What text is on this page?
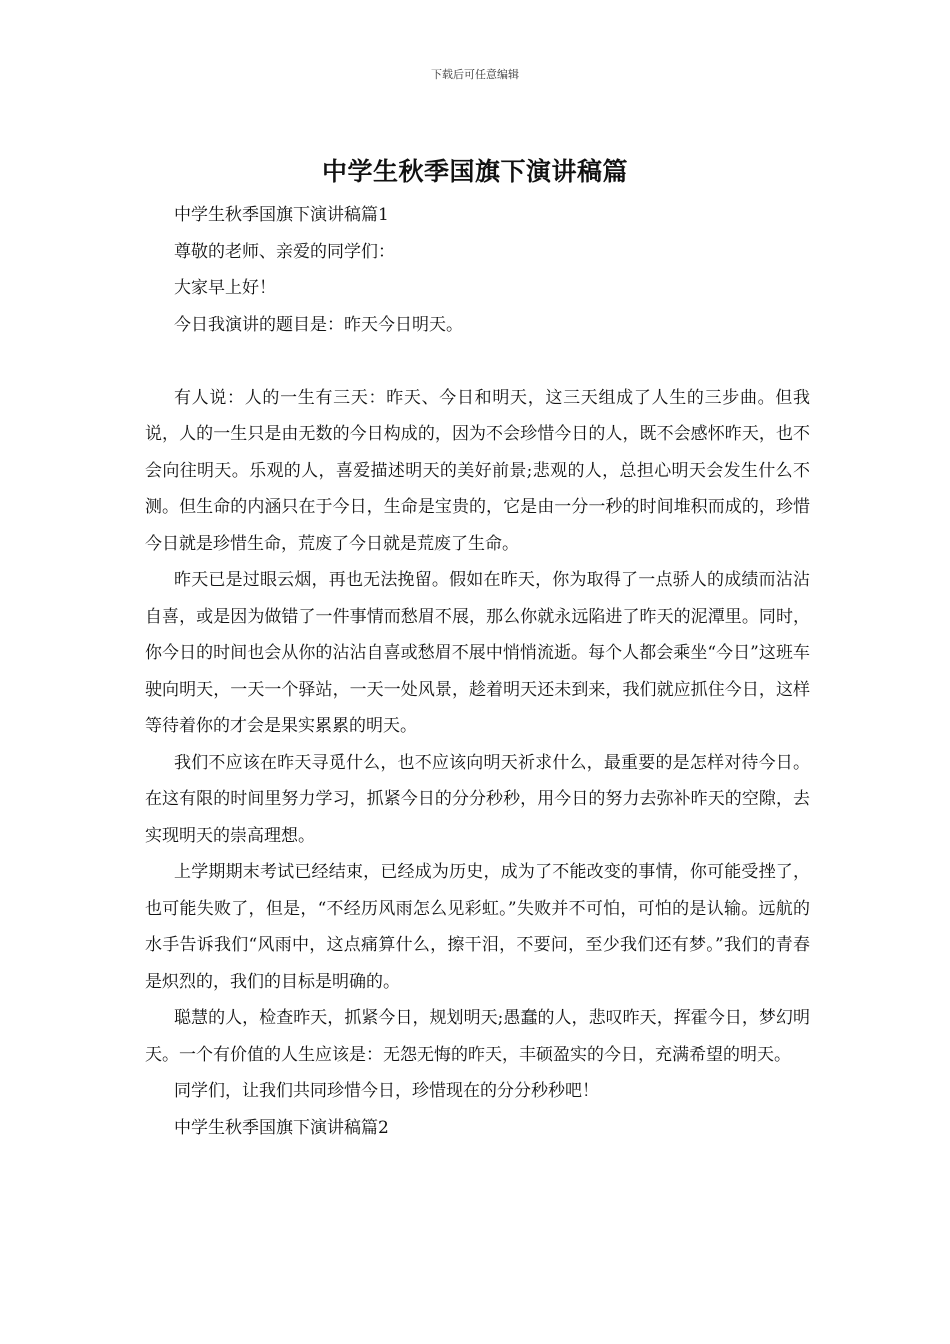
下载后可任意编辑
中学生秋季国旗下演讲稿篇

中学生秋季国旗下演讲稿篇1

尊敬的老师、亲爱的同学们：

大家早上好！

今日我演讲的题目是：昨天今日明天。

有人说：人的一生有三天：昨天、今日和明天，这三天组成了人生的三步曲。但我说，人的一生只是由无数的今日构成的，因为不会珍惜今日的人，既不会感怀昨天，也不会向往明天。乐观的人，喜爱描述明天的美好前景;悲观的人，总担心明天会发生什么不测。但生命的内涵只在于今日，生命是宝贵的，它是由一分一秒的时间堆积而成的，珍惜今日就是珍惜生命，荒废了今日就是荒废了生命。

昨天已是过眼云烟，再也无法挽留。假如在昨天，你为取得了一点骄人的成绩而沾沾自喜，或是因为做错了一件事情而愁眉不展，那么你就永远陷进了昨天的泥潭里。同时，你今日的时间也会从你的沾沾自喜或愁眉不展中悄悄流逝。每个人都会乘坐“今日”这班车驶向明天，一天一个驿站，一天一处风景，趁着明天还未到来，我们就应抓住今日，这样等待着你的才会是果实累累的明天。

我们不应该在昨天寻觅什么，也不应该向明天祈求什么，最重要的是怎样对待今日。在这有限的时间里努力学习，抓紧今日的分分秒秒，用今日的努力去弥补昨天的空隙，去实现明天的崇高理想。

上学期期末考试已经结束，已经成为历史，成为了不能改变的事情，你可能受挫了，也可能失败了，但是，“不经历风雨怎么见彩虹。”失败并不可怕，可怕的是认输。远航的水手告诉我们“风雨中，这点痛算什么，擦干泪，不要问，至少我们还有梦。”我们的青春是炽烈的，我们的目标是明确的。

聪慧的人，检查昨天，抓紧今日，规划明天;愚蠢的人，悲叹昨天，挥霍今日，梦幻明天。一个有价值的人生应该是：无怨无悔的昨天，丰硕盈实的今日，充满希望的明天。

同学们，让我们共同珍惜今日，珍惜现在的分分秒秒吧！

中学生秋季国旗下演讲稿篇2
